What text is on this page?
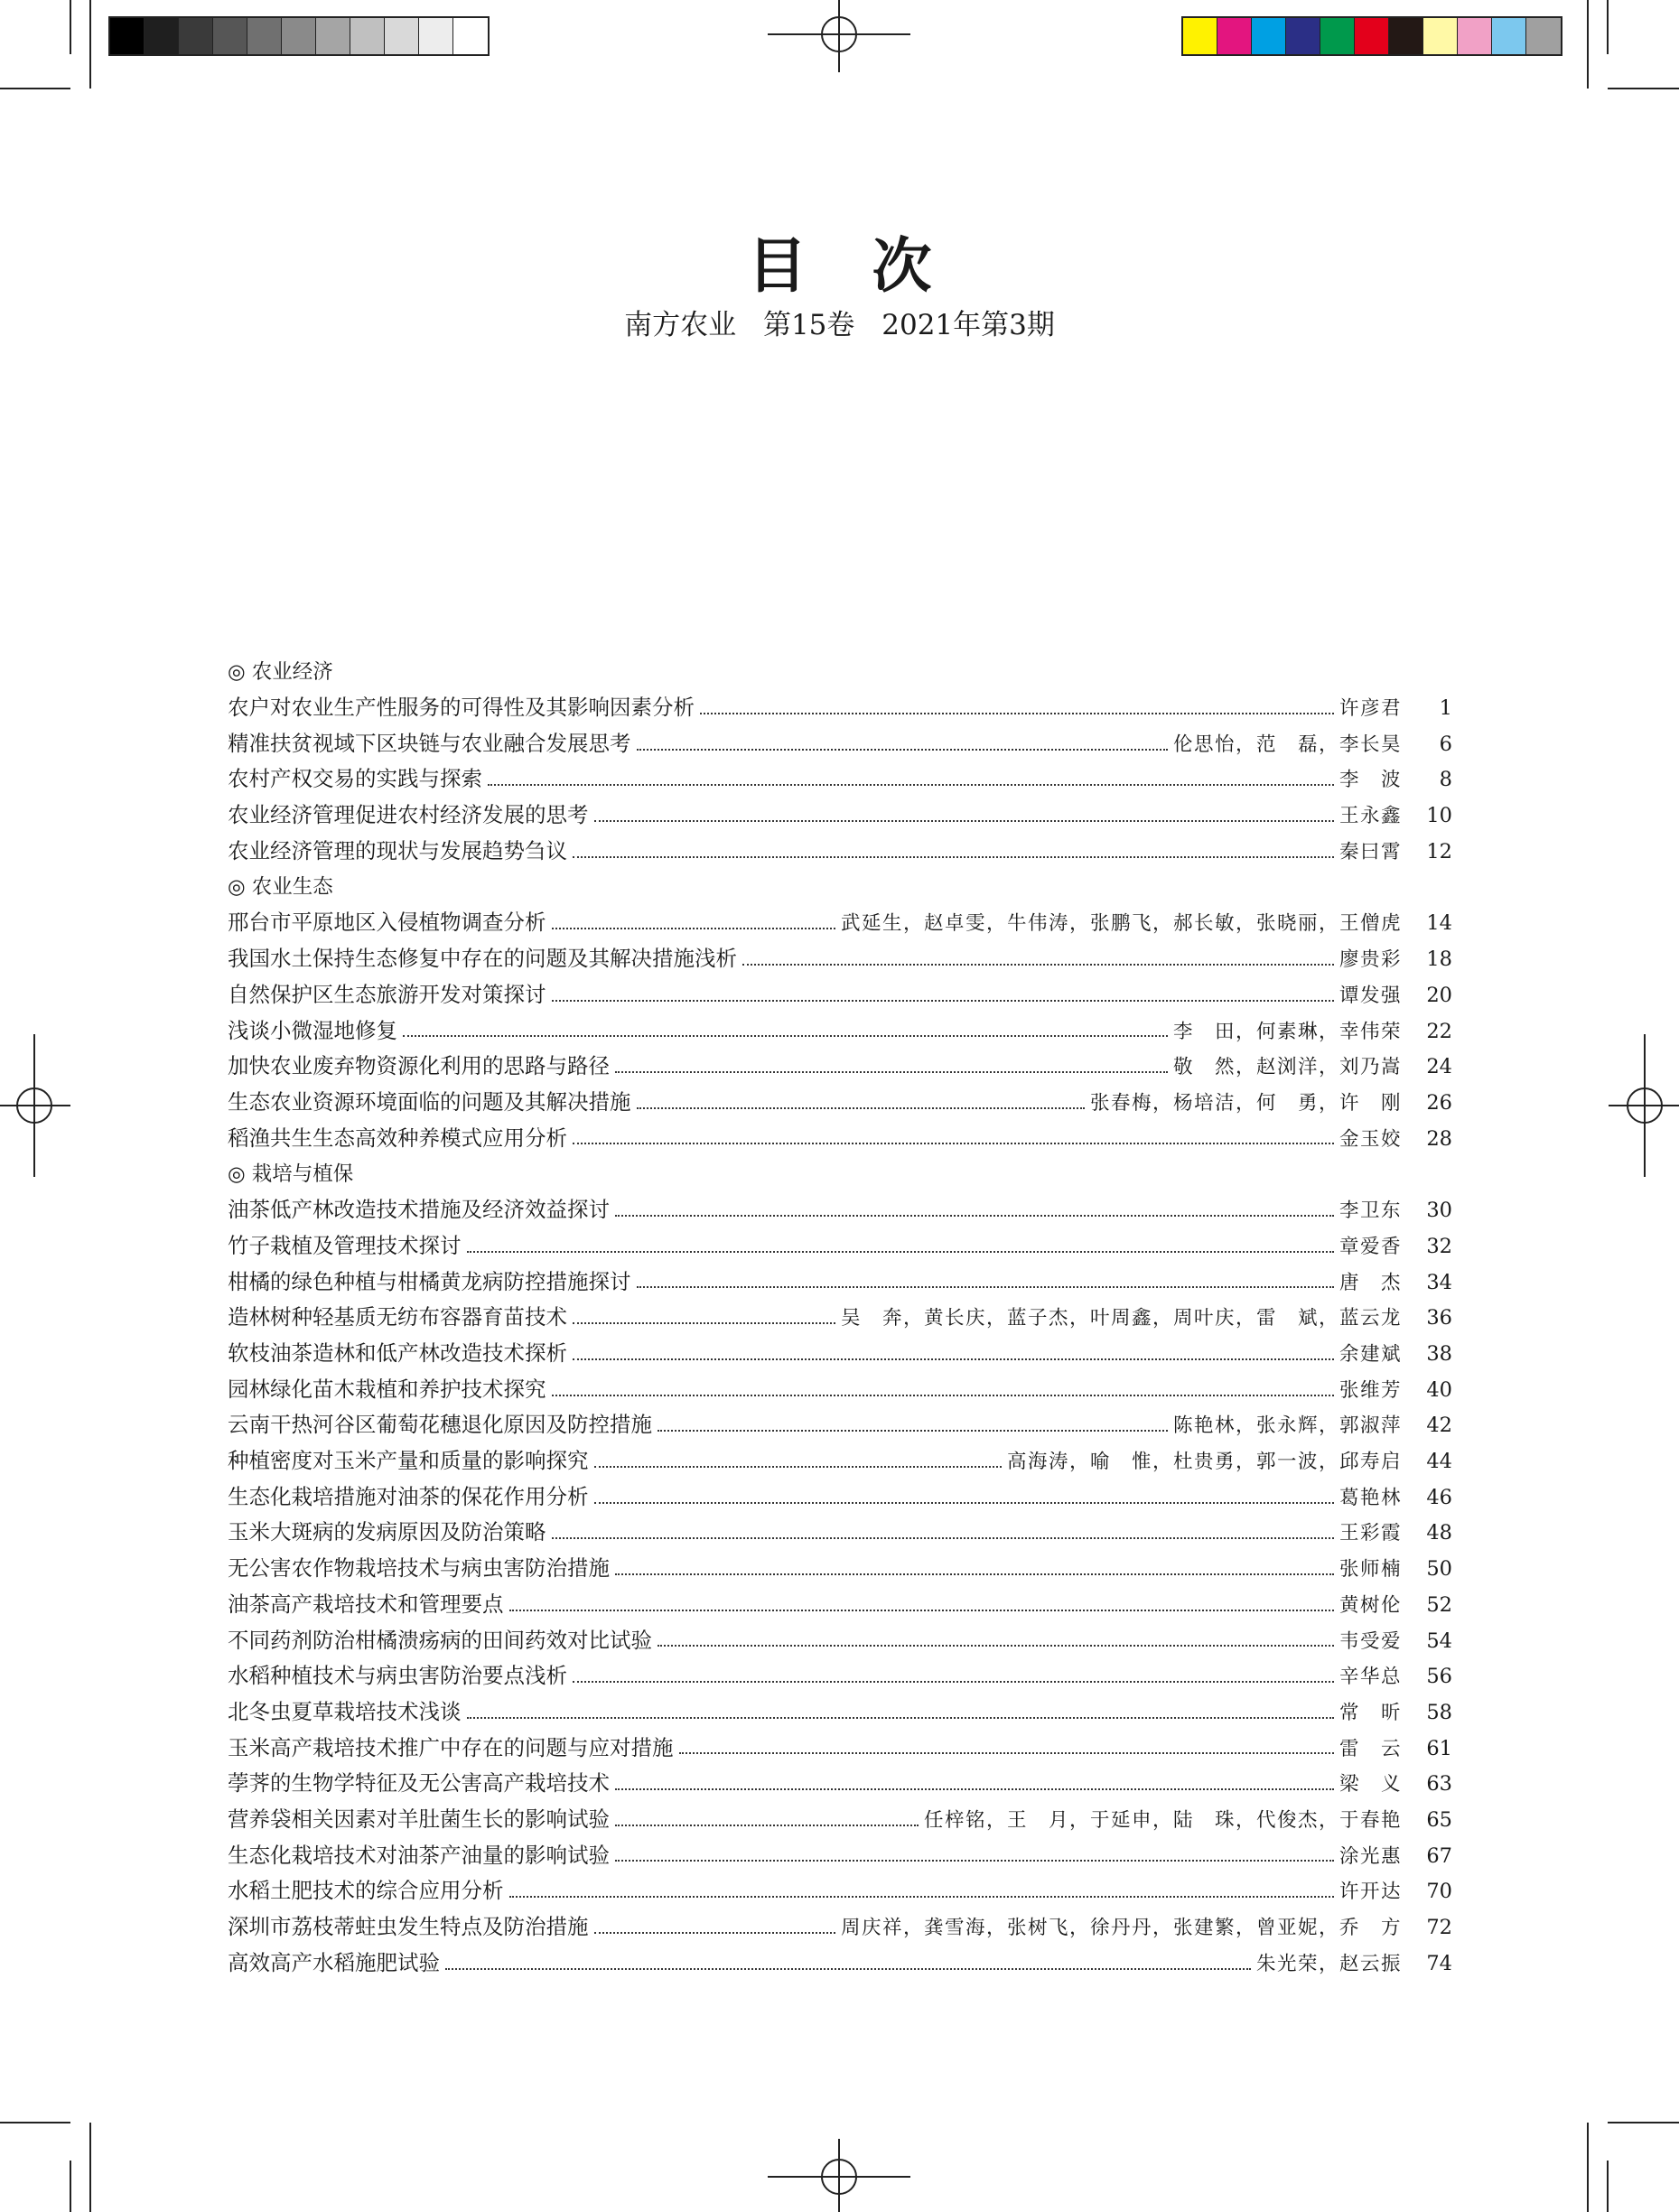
目次
南方农业 第15卷 2021年第3期
◎ 农业经济
农户对农业生产性服务的可得性及其影响因素分析	许彦君	1
精准扶贫视域下区块链与农业融合发展思考	伦思怡，范　磊，李长昊	6
农村产权交易的实践与探索	李　波	8
农业经济管理促进农村经济发展的思考	王永鑫	10
农业经济管理的现状与发展趋势刍议	秦曰霄	12
◎ 农业生态
邢台市平原地区入侵植物调查分析	武延生，赵卓雯，牛伟涛，张鹏飞，郝长敏，张晓丽，王僧虎	14
我国水土保持生态修复中存在的问题及其解决措施浅析	廖贵彩	18
自然保护区生态旅游开发对策探讨	谭发强	20
浅谈小微湿地修复	李　田，何素琳，幸伟荣	22
加快农业废弃物资源化利用的思路与路径	敬　然，赵浏洋，刘乃嵩	24
生态农业资源环境面临的问题及其解决措施	张春梅，杨培洁，何　勇，许　刚	26
稻渔共生生态高效种养模式应用分析	金玉姣	28
◎ 栽培与植保
油茶低产林改造技术措施及经济效益探讨	李卫东	30
竹子栽植及管理技术探讨	章爱香	32
柑橘的绿色种植与柑橘黄龙病防控措施探讨	唐　杰	34
造林树种轻基质无纺布容器育苗技术	吴　奔，黄长庆，蓝子杰，叶周鑫，周叶庆，雷　斌，蓝云龙	36
软枝油茶造林和低产林改造技术探析	余建斌	38
园林绿化苗木栽植和养护技术探究	张维芳	40
云南干热河谷区葡萄花穗退化原因及防控措施	陈艳林，张永辉，郭淑萍	42
种植密度对玉米产量和质量的影响探究	高海涛，喻　惟，杜贵勇，郭一波，邱寿启	44
生态化栽培措施对油茶的保花作用分析	葛艳林	46
玉米大斑病的发病原因及防治策略	王彩霞	48
无公害农作物栽培技术与病虫害防治措施	张师楠	50
油茶高产栽培技术和管理要点	黄树伦	52
不同药剂防治柑橘溃疡病的田间药效对比试验	韦受爱	54
水稻种植技术与病虫害防治要点浅析	辛华总	56
北冬虫夏草栽培技术浅谈	常　昕	58
玉米高产栽培技术推广中存在的问题与应对措施	雷　云	61
荸荠的生物学特征及无公害高产栽培技术	梁　义	63
营养袋相关因素对羊肚菌生长的影响试验	任梓铭，王　月，于延申，陆　珠，代俊杰，于春艳	65
生态化栽培技术对油茶产油量的影响试验	涂光惠	67
水稻土肥技术的综合应用分析	许开达	70
深圳市荔枝蒂蛀虫发生特点及防治措施	周庆祥，龚雪海，张树飞，徐丹丹，张建繁，曾亚妮，乔　方	72
高效高产水稻施肥试验	朱光荣，赵云振	74
